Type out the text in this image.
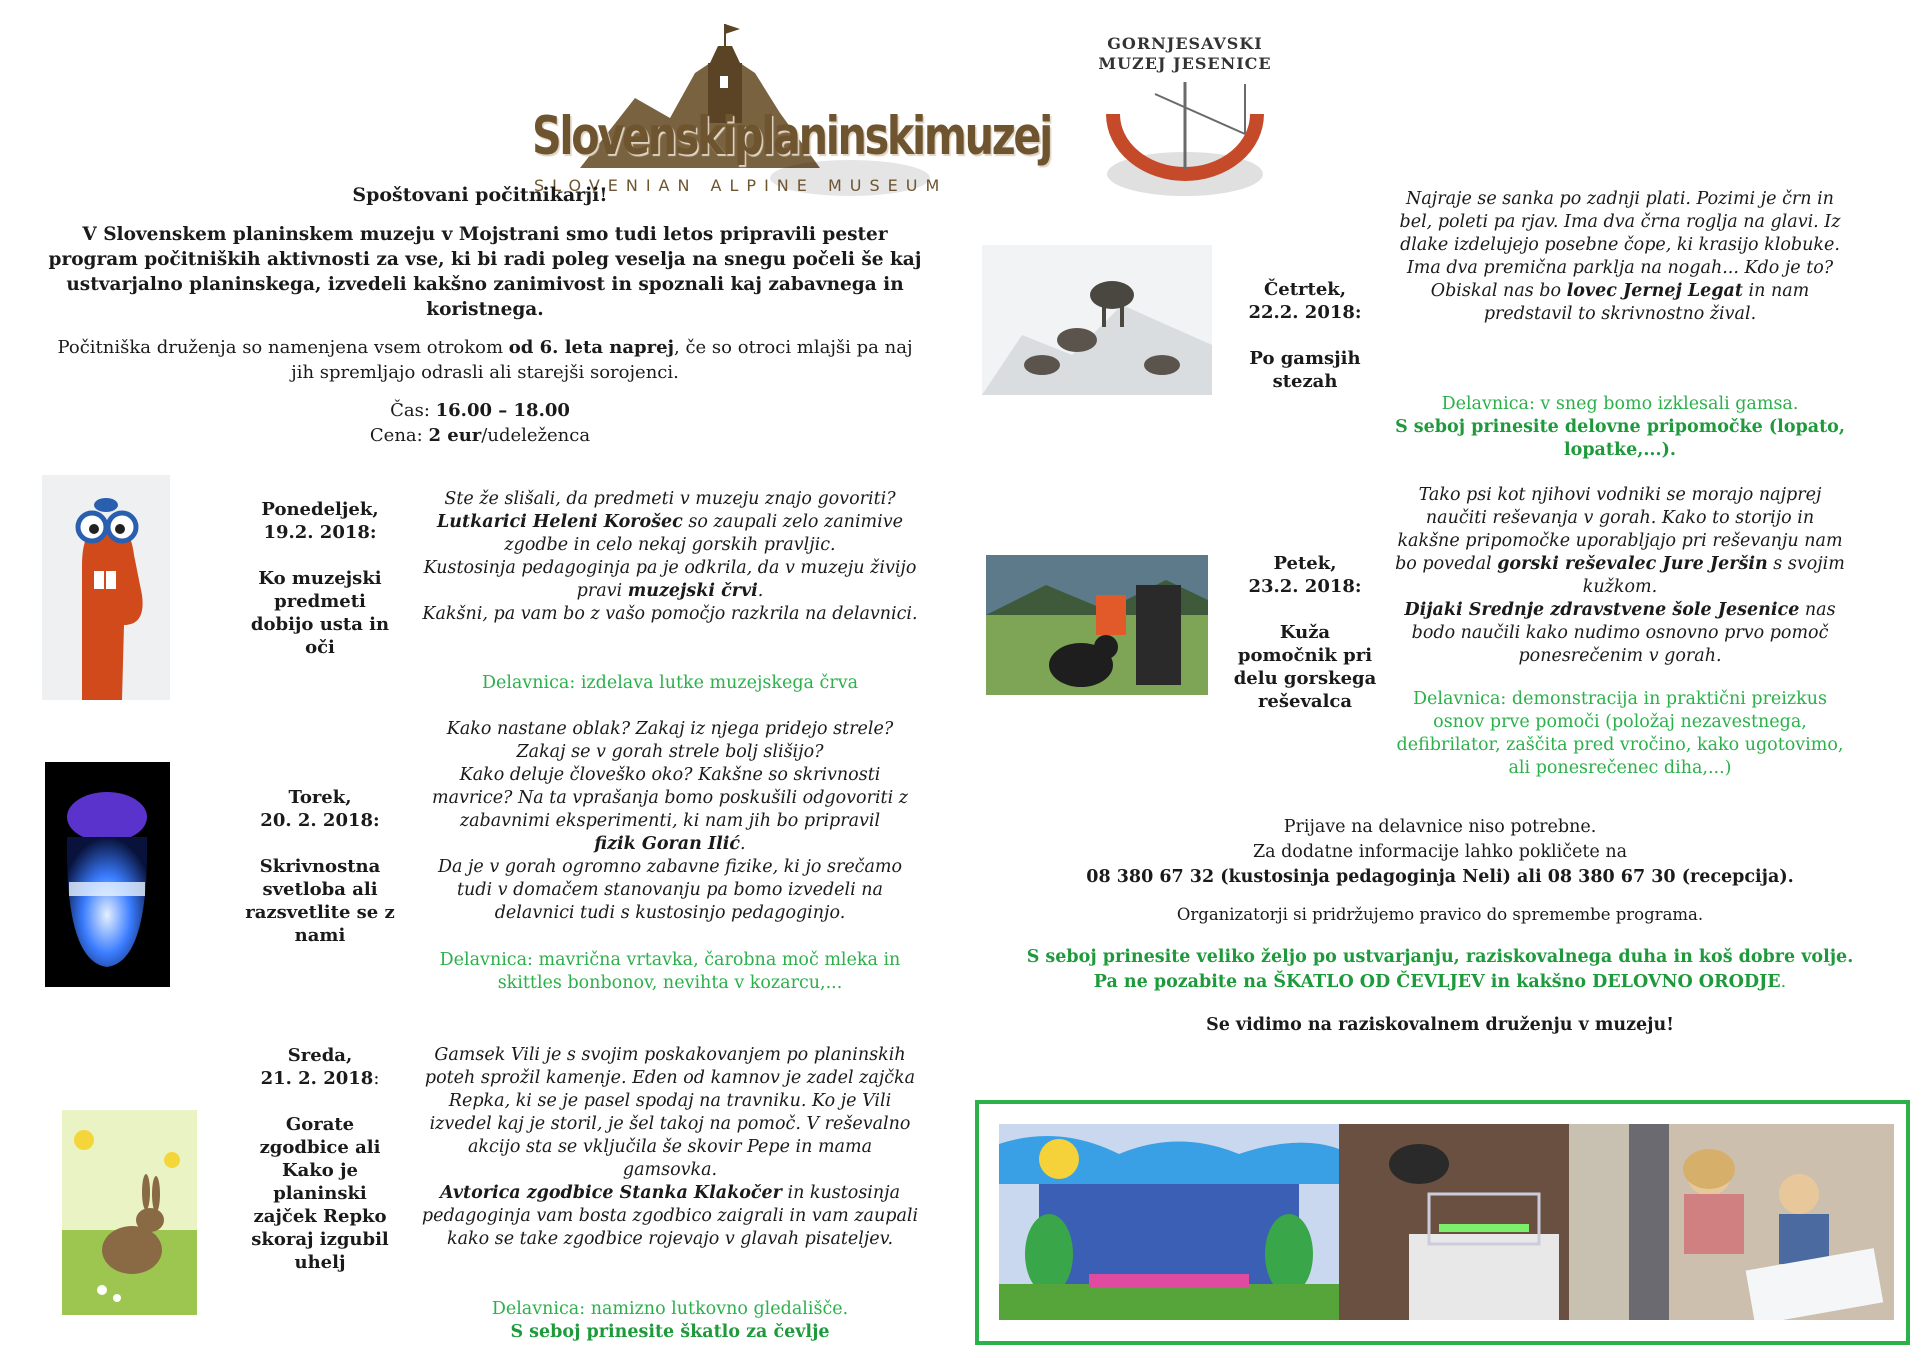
Slovenskiplaninskimuzej
SLOVENIAN ALPINE MUSEUM
GORNJESAVSKI
MUZEJ JESENICE
Spoštovani počitnikarji!
V Slovenskem planinskem muzeju v Mojstrani smo tudi letos pripravili pester program počitniških aktivnosti za vse, ki bi radi poleg veselja na snegu počeli še kaj ustvarjalno planinskega, izvedeli kakšno zanimivost in spoznali kaj zabavnega in koristnega.
Počitniška druženja so namenjena vsem otrokom od 6. leta naprej, če so otroci mlajši pa naj jih spremljajo odrasli ali starejši sorojenci.
Čas: 16.00 – 18.00
Cena: 2 eur/udeleženca
Ponedeljek,
19.2. 2018:
Ko muzejski predmeti dobijo usta in oči
Ste že slišali, da predmeti v muzeju znajo govoriti?
Lutkarici Heleni Korošec so zaupali zelo zanimive zgodbe in celo nekaj gorskih pravljic.
Kustosinja pedagoginja pa je odkrila, da v muzeju živijo pravi muzejski črvi.
Kakšni, pa vam bo z vašo pomočjo razkrila na delavnici.
Delavnica: izdelava lutke muzejskega črva
Torek,
20. 2. 2018:
Skrivnostna svetloba ali razsvetlite se z nami
Kako nastane oblak? Zakaj iz njega pridejo strele? Zakaj se v gorah strele bolj slišijo?
Kako deluje človeško oko? Kakšne so skrivnosti mavrice? Na ta vprašanja bomo poskušili odgovoriti z zabavnimi eksperimenti, ki nam jih bo pripravil
fizik Goran Ilić.
Da je v gorah ogromno zabavne fizike, ki jo srečamo tudi v domačem stanovanju pa bomo izvedeli na delavnici tudi s kustosinjo pedagoginjo.
Delavnica: mavrična vrtavka, čarobna moč mleka in skittles bonbonov, nevihta v kozarcu,...
Sreda,
21. 2. 2018:
Gorate zgodbice ali Kako je planinski zajček Repko skoraj izgubil uhelj
Gamsek Vili je s svojim poskakovanjem po planinskih poteh sprožil kamenje. Eden od kamnov je zadel zajčka Repka, ki se je pasel spodaj na travniku. Ko je Vili izvedel kaj je storil, je šel takoj na pomoč. V reševalno akcijo sta se vključila še skovir Pepe in mama gamsovka.
Avtorica zgodbice Stanka Klakočer in kustosinja pedagoginja vam bosta zgodbico zaigrali in vam zaupali kako se take zgodbice rojevajo v glavah pisateljev.
Delavnica: namizno lutkovno gledališče.
S seboj prinesite škatlo za čevlje
Četrtek,
22.2. 2018:
Po gamsjih stezah
Najraje se sanka po zadnji plati. Pozimi je črn in bel, poleti pa rjav. Ima dva črna roglja na glavi. Iz dlake izdelujejo posebne čope, ki krasijo klobuke.
Ima dva premična parklja na nogah... Kdo je to?
Obiskal nas bo lovec Jernej Legat in nam predstavil to skrivnostno žival.
Delavnica: v sneg bomo izklesali gamsa.
S seboj prinesite delovne pripomočke (lopato, lopatke,...).
Petek,
23.2. 2018:
Kuža pomočnik pri delu gorskega reševalca
Tako psi kot njihovi vodniki se morajo najprej naučiti reševanja v gorah. Kako to storijo in kakšne pripomočke uporabljajo pri reševanju nam bo povedal gorski reševalec Jure Jeršin s svojim kužkom.
Dijaki Srednje zdravstvene šole Jesenice nas bodo naučili kako nudimo osnovno prvo pomoč ponesrečenim v gorah.
Delavnica: demonstracija in praktični preizkus osnov prve pomoči (položaj nezavestnega, defibrilator, zaščita pred vročino, kako ugotovimo, ali ponesrečenec diha,...)
Prijave na delavnice niso potrebne.
Za dodatne informacije lahko pokličete na
08 380 67 32 (kustosinja pedagoginja Neli) ali 08 380 67 30 (recepcija).
Organizatorji si pridržujemo pravico do spremembe programa.
S seboj prinesite veliko željo po ustvarjanju, raziskovalnega duha in koš dobre volje.
Pa ne pozabite na ŠKATLO OD ČEVLJEV in kakšno DELOVNO ORODJE.
Se vidimo na raziskovalnem druženju v muzeju!
